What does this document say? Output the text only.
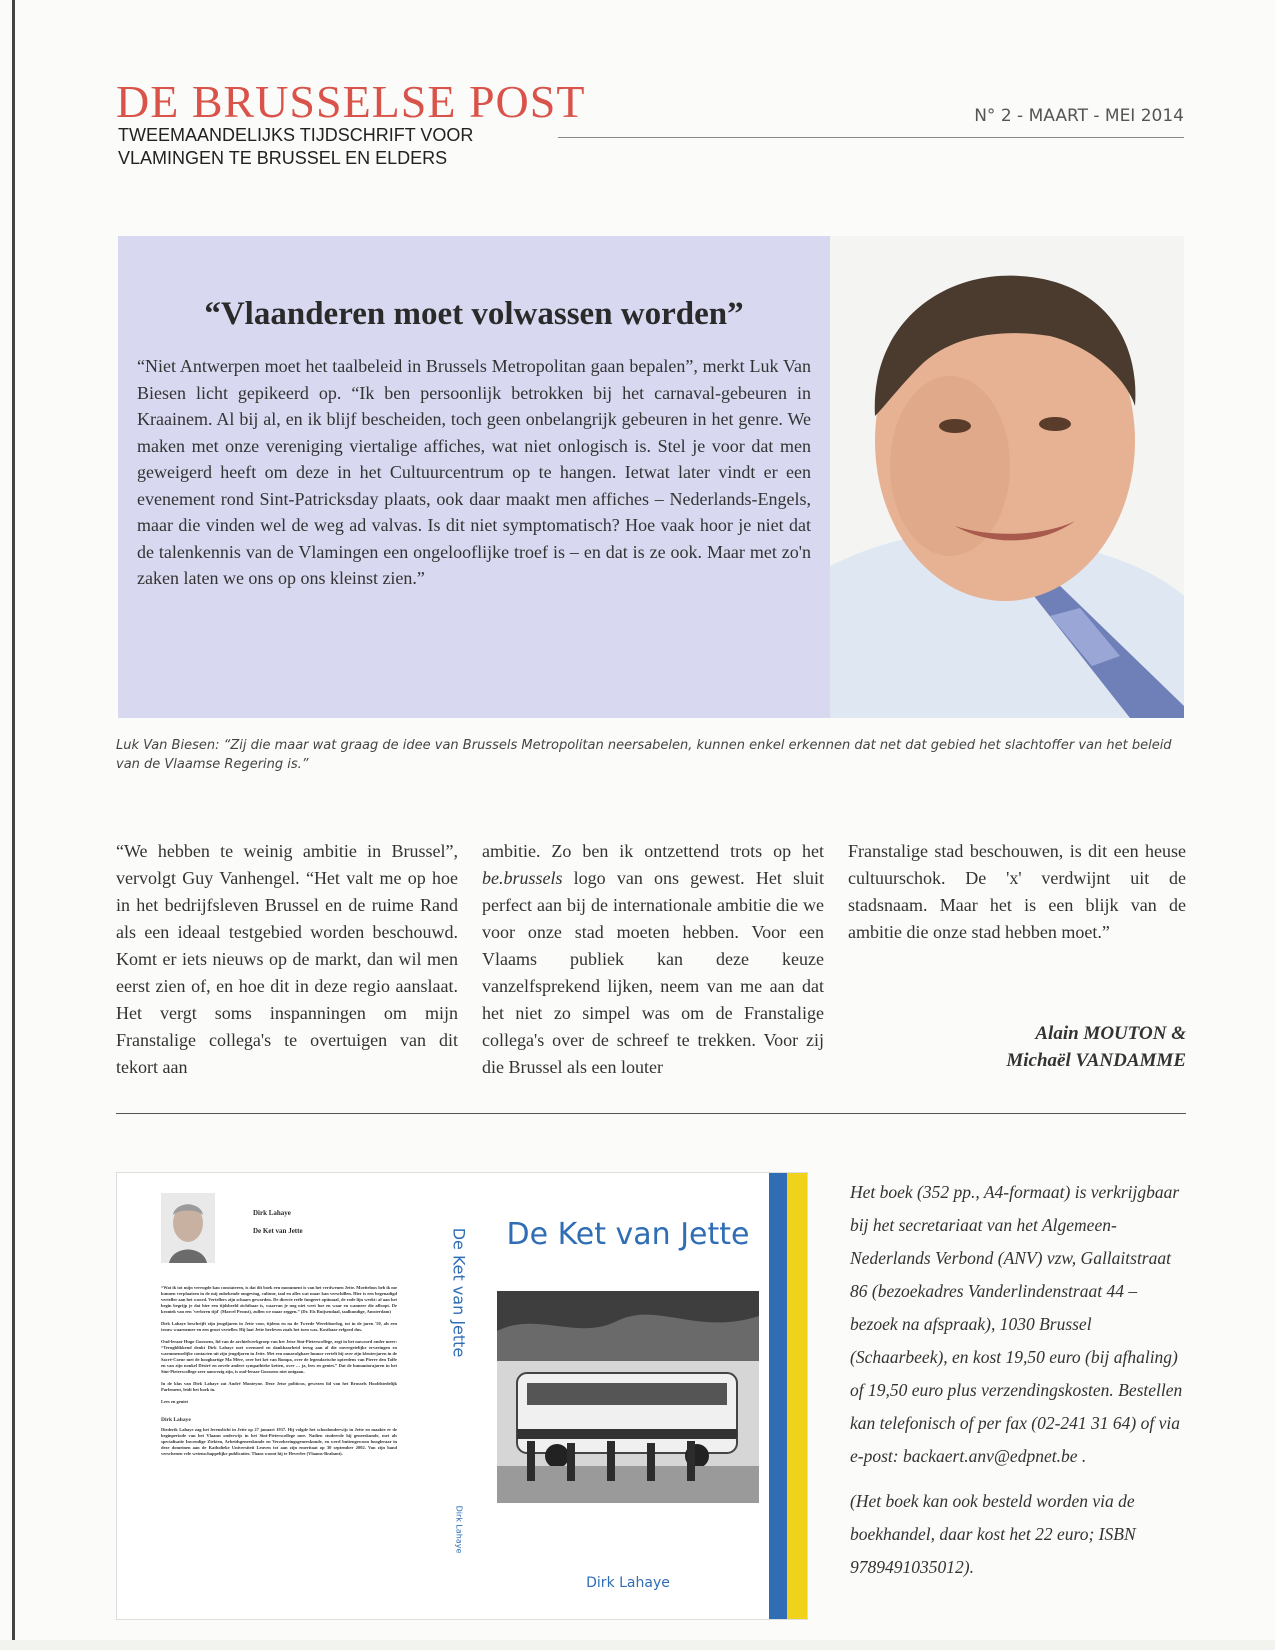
DE BRUSSELSE POST
TWEEMAANDELIJKS TIJDSCHRIFT VOOR
VLAMINGEN TE BRUSSEL EN ELDERS
N° 2 - MAART - MEI 2014
“Vlaanderen moet volwassen worden”
“Niet Antwerpen moet het taalbeleid in Brussels Metropolitan gaan bepalen”, merkt Luk Van Biesen licht gepikeerd op. “Ik ben persoonlijk betrokken bij het carnaval-gebeuren in Kraainem. Al bij al, en ik blijf bescheiden, toch geen onbelangrijk gebeuren in het genre. We maken met onze vereniging viertalige affiches, wat niet onlogisch is. Stel je voor dat men geweigerd heeft om deze in het Cultuurcentrum op te hangen. Ietwat later vindt er een evenement rond Sint-Patricksday plaats, ook daar maakt men affiches – Nederlands-Engels, maar die vinden wel de weg ad valvas. Is dit niet symptomatisch? Hoe vaak hoor je niet dat de talenkennis van de Vlamingen een ongelooflijke troef is – en dat is ze ook. Maar met zo'n zaken laten we ons op ons kleinst zien.”
Luk Van Biesen: “Zij die maar wat graag de idee van Brussels Metropolitan neersabelen, kunnen enkel erkennen dat net dat gebied het slachtoffer van het beleid van de Vlaamse Regering is.”
“We hebben te weinig ambitie in Brussel”, vervolgt Guy Vanhengel. “Het valt me op hoe in het bedrijfsleven Brussel en de ruime Rand als een ideaal testgebied worden beschouwd. Komt er iets nieuws op de markt, dan wil men eerst zien of, en hoe dit in deze regio aanslaat. Het vergt soms inspanningen om mijn Franstalige collega's te overtuigen van dit tekort aan
ambitie. Zo ben ik ontzettend trots op het be.brussels logo van ons gewest. Het sluit perfect aan bij de internationale ambitie die we voor onze stad moeten hebben. Voor een Vlaams publiek kan deze keuze vanzelfsprekend lijken, neem van me aan dat het niet zo simpel was om de Franstalige collega's over de schreef te trekken. Voor zij die Brussel als een louter
Franstalige stad beschouwen, is dit een heuse cultuurschok. De 'x' verdwijnt uit de stadsnaam. Maar het is een blijk van de ambitie die onze stad hebben moet.”
Alain MOUTON &
Michaël VANDAMME
Dirk Lahaye
De Ket van Jette

“Wat ik tot mijn verrugde kan constateren, is dat dit boek een monument is van het verdwenen Jette. Moeiteloos heb ik me kunnen verplaatsen in de mij onbekende omgeving, cultuur, taal en alles wat maar kan verschillen. Hier is een begenadigd verteller aan het woord. Vertellers zijn schaars geworden. De directe reële fungeert optimaal, de rode lijn werkt: al aan het begin begrijp je dat hier een tijdsbeeld zichtbaar is, waarvan je nog niet weet hoe en waar en wanneer die afloopt. De kroniek van een 'verloren tijd' (Marcel Proust), zullen we maar zeggen.” (Dr. Els Ruijsendaal, taalkundige, Amsterdam)

Dirk Lahaye beschrijft zijn jeugdjaren in Jette voor, tijdens en na de Tweede Wereldoorlog, tot in de jaren '50, als een trouw waarnemer en een groot verteller. Hij laat Jette herleven zoals het toen was. Kostbaar erfgoed dus.

Oud-leraar Hugo Goossens, lid van de archiefwerkgroep van het Jetse Sint-Pieterscollege, zegt in het nawoord onder meer: “Terugblikkend denkt Dirk Lahaye met weemoed en dankbaarheid terug aan al die onvergetelijke ervaringen en warmmenselijke contacten uit zijn jeugdjaren in Jette. Met een onnavolgbare humor vertelt hij over zijn kleuterjaren in de Sacré-Coeur met de hoogbartige Ma Mère, over het ket van Bompa, over de legendarische optredens van Pierre den Toffe en van zijn nonkel Désiré en zovele andere sympathieke ketten, over … ja, lees en geniet.” Dat de humaniorajaren in het Sint-Pieterscollege zeer aanwezig zijn, is oud-leraar Goossens niet ontgaan.

In de klas van Dirk Lahaye zat André Monteyne. Deze Jetse politicus, gewezen lid van het Brussels Hoofdstedelijk Parlement, leidt het boek in.

Lees en geniet

Dirk Lahaye

Diederik Lahaye zag het levenslicht in Jette op 27 januari 1937. Hij volgde het schoolonderwijs in Jette en maakte er de beginperiode van het Vlaams onderwijs in het Sint-Pieterscollege mee. Nadien studeerde hij geneeskunde, met als specialisatie Inwendige Ziekten, Arbeidsgeneeskunde en Verzekeringsgeneeskunde, en werd buitengewoon hoogleraar in deze domeinen aan de Katholieke Universiteit Leuven tot aan zijn emeritaat op 30 september 2002. Van zijn hand verschenen vele wetenschappelijke publicaties. Thans woont hij te Heverlee (Vlaams-Brabant).

De Ket van Jette
Dirk Lahaye
De Ket van Jette
Dirk Lahaye

Het boek (352 pp., A4-formaat) is verkrijgbaar bij het secretariaat van het Algemeen-Nederlands Verbond (ANV) vzw, Gallaitstraat 86 (bezoekadres Vanderlindenstraat 44 – bezoek na afspraak), 1030 Brussel (Schaarbeek), en kost 19,50 euro (bij afhaling) of 19,50 euro plus verzendingskosten. Bestellen kan telefonisch of per fax (02-241 31 64) of via e-post: backaert.anv@edpnet.be .

(Het boek kan ook besteld worden via de boekhandel, daar kost het 22 euro; ISBN 9789491035012).
